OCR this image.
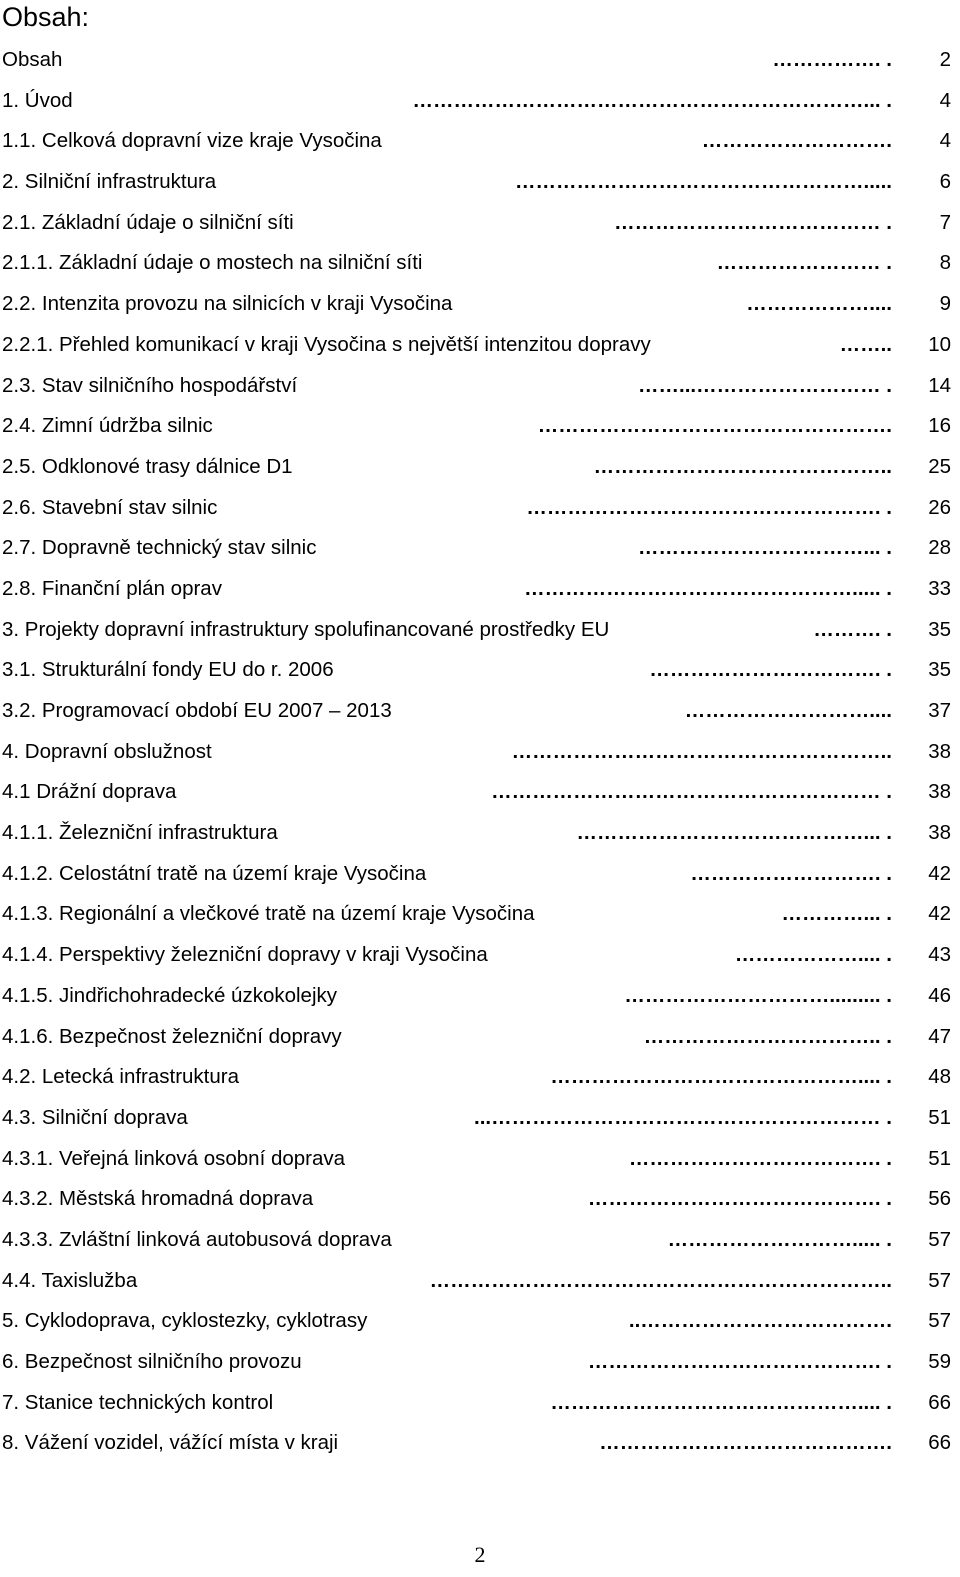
Obsah:
Obsah	……………. . 2
1. Úvod	…………………………………………………………... . 4
1.1. Celková dopravní vize kraje Vysočina	………………………. 4
2. Silniční infrastruktura	……………………………………………..... 6
2.1. Základní údaje o silniční síti	………………………………… . 7
2.1.1. Základní údaje o mostech na silniční síti	…………………… . 8
2.2. Intenzita provozu na silnicích v kraji Vysočina	……………….... 9
2.2.1. Přehled komunikací v kraji Vysočina s největší intenzitou dopravy	…….. 10
2.3. Stav silničního hospodářství	……...……………………… . 14
2.4. Zimní údržba silnic	……………………………………………. 16
2.5. Odklonové trasy dálnice D1	…………………………………….. 25
2.6. Stavební stav silnic	……………………………………………. . 26
2.7. Dopravně technický stav silnic	……………………………... . 28
2.8. Finanční plán oprav	…………………………………………..... . 33
3. Projekty dopravní infrastruktury spolufinancované prostředky EU	………. . 35
3.1. Strukturální fondy EU do r. 2006	……………………………. . 35
3.2. Programovací období EU 2007 – 2013	……………………….... 37
4. Dopravní obslužnost	……………………………………………….. 38
4.1 Drážní doprava	………………………………………………… . 38
4.1.1. Železniční infrastruktura	……………………………………... . 38
4.1.2. Celostátní tratě na území kraje Vysočina	………………………. . 42
4.1.3. Regionální a vlečkové tratě na území kraje Vysočina	…………... . 42
4.1.4. Perspektivy železniční dopravy v kraji Vysočina	……………….... . 43
4.1.5. Jindřichohradecké úzkokolejky	…………………………......... . 46
4.1.6. Bezpečnost železniční dopravy	…………………………….. . 47
4.2. Letecká infrastruktura	……………………………………….... . 48
4.3. Silniční doprava	...………………………………………………… . 51
4.3.1. Veřejná linková osobní doprava	………………………………. . 51
4.3.2. Městská hromadná doprava	……………………………………. . 56
4.3.3. Zvláštní linková autobusová doprava	………………………..... . 57
4.4. Taxislužba	………………………………………………………….. 57
5. Cyklodoprava, cyklostezky, cyklotrasy	..………………………………. 57
6. Bezpečnost silničního provozu	……………………………………. . 59
7. Stanice technických kontrol	……………………………………….... . 66
8. Vážení vozidel, vážící místa v kraji	……………………………………. 66
2
